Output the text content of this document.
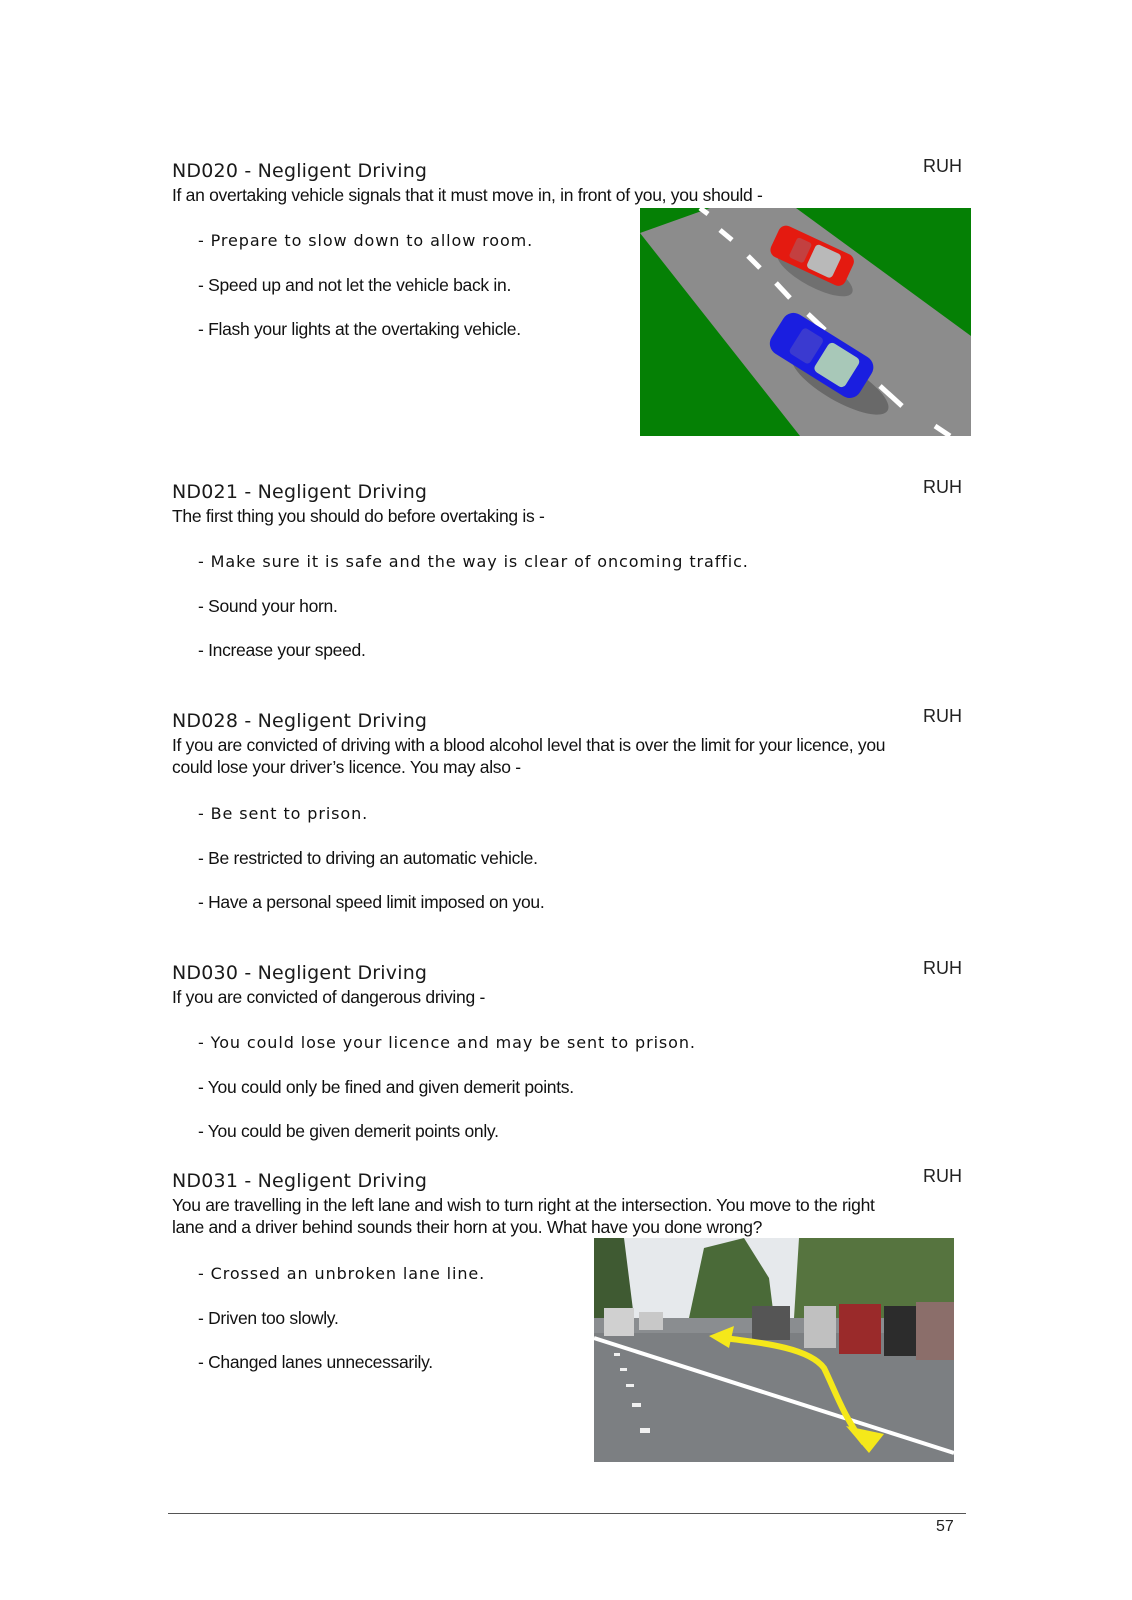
ND020 - Negligent Driving	RUH
If an overtaking vehicle signals that it must move in, in front of you, you should -
- Prepare to slow down to allow room.
- Speed up and not let the vehicle back in.
- Flash your lights at the overtaking vehicle.
ND021 - Negligent Driving	RUH
The first thing you should do before overtaking is -
- Make sure it is safe and the way is clear of oncoming traffic.
- Sound your horn.
- Increase your speed.
ND028 - Negligent Driving	RUH
If you are convicted of driving with a blood alcohol level that is over the limit for your licence, you
could lose your driver’s licence. You may also -
- Be sent to prison.
- Be restricted to driving an automatic vehicle.
- Have a personal speed limit imposed on you.
ND030 - Negligent Driving	RUH
If you are convicted of dangerous driving -
- You could lose your licence and may be sent to prison.
- You could only be fined and given demerit points.
- You could be given demerit points only.
ND031 - Negligent Driving	RUH
You are travelling in the left lane and wish to turn right at the intersection. You move to the right
lane and a driver behind sounds their horn at you. What have you done wrong?
- Crossed an unbroken lane line.
- Driven too slowly.
- Changed lanes unnecessarily.
57
